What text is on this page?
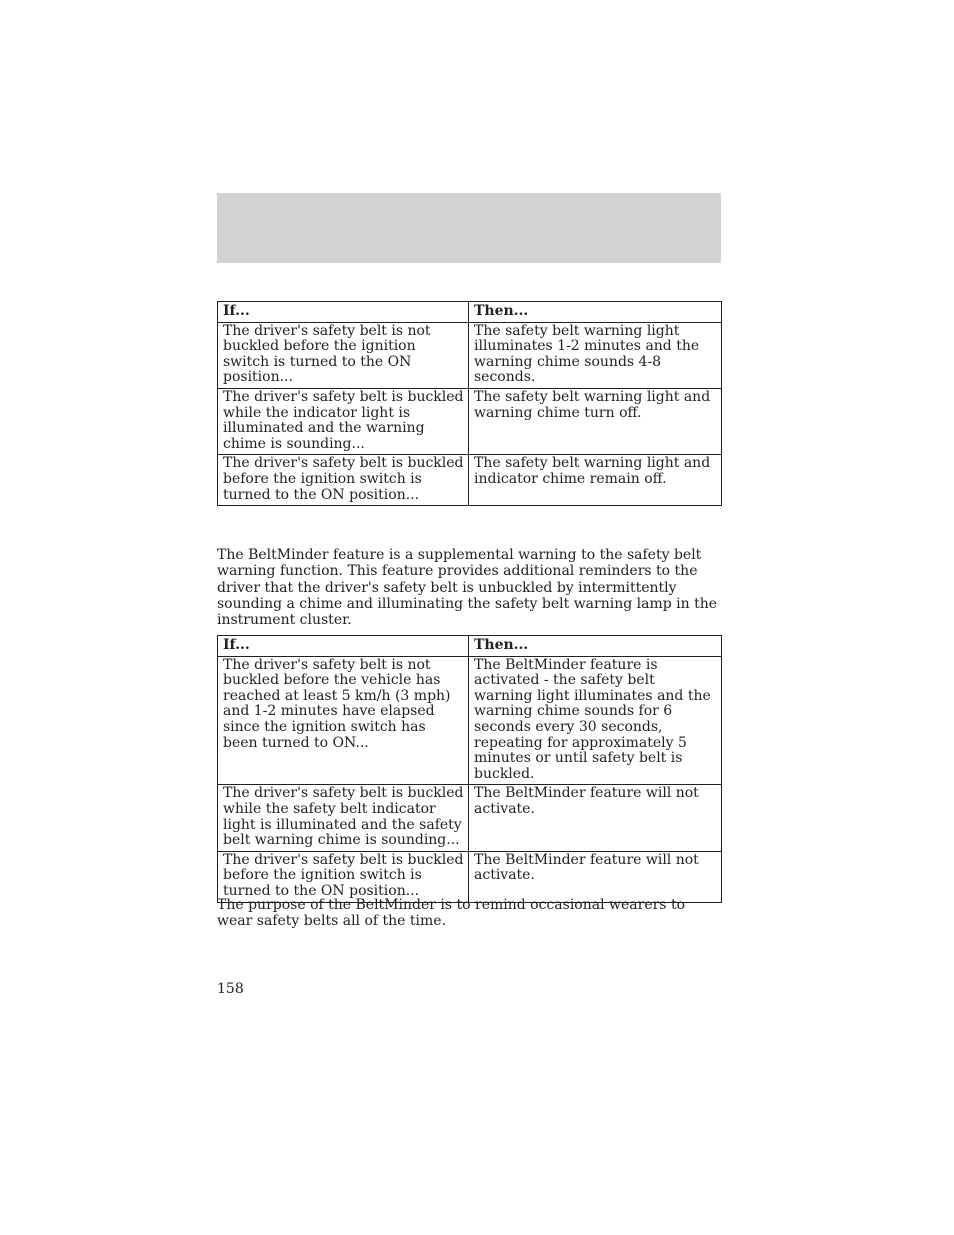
If...	Then...
The driver's safety belt is not buckled before the ignition switch is turned to the ON position...	The safety belt warning light illuminates 1-2 minutes and the warning chime sounds 4-8 seconds.
The driver's safety belt is buckled while the indicator light is illuminated and the warning chime is sounding...	The safety belt warning light and warning chime turn off.
The driver's safety belt is buckled before the ignition switch is turned to the ON position...	The safety belt warning light and indicator chime remain off.

The BeltMinder feature is a supplemental warning to the safety belt warning function. This feature provides additional reminders to the driver that the driver's safety belt is unbuckled by intermittently sounding a chime and illuminating the safety belt warning lamp in the instrument cluster.

If...	Then...
The driver's safety belt is not buckled before the vehicle has reached at least 5 km/h (3 mph) and 1-2 minutes have elapsed since the ignition switch has been turned to ON...	The BeltMinder feature is activated - the safety belt warning light illuminates and the warning chime sounds for 6 seconds every 30 seconds, repeating for approximately 5 minutes or until safety belt is buckled.
The driver's safety belt is buckled while the safety belt indicator light is illuminated and the safety belt warning chime is sounding...	The BeltMinder feature will not activate.
The driver's safety belt is buckled before the ignition switch is turned to the ON position...	The BeltMinder feature will not activate.

The purpose of the BeltMinder is to remind occasional wearers to wear safety belts all of the time.

158
